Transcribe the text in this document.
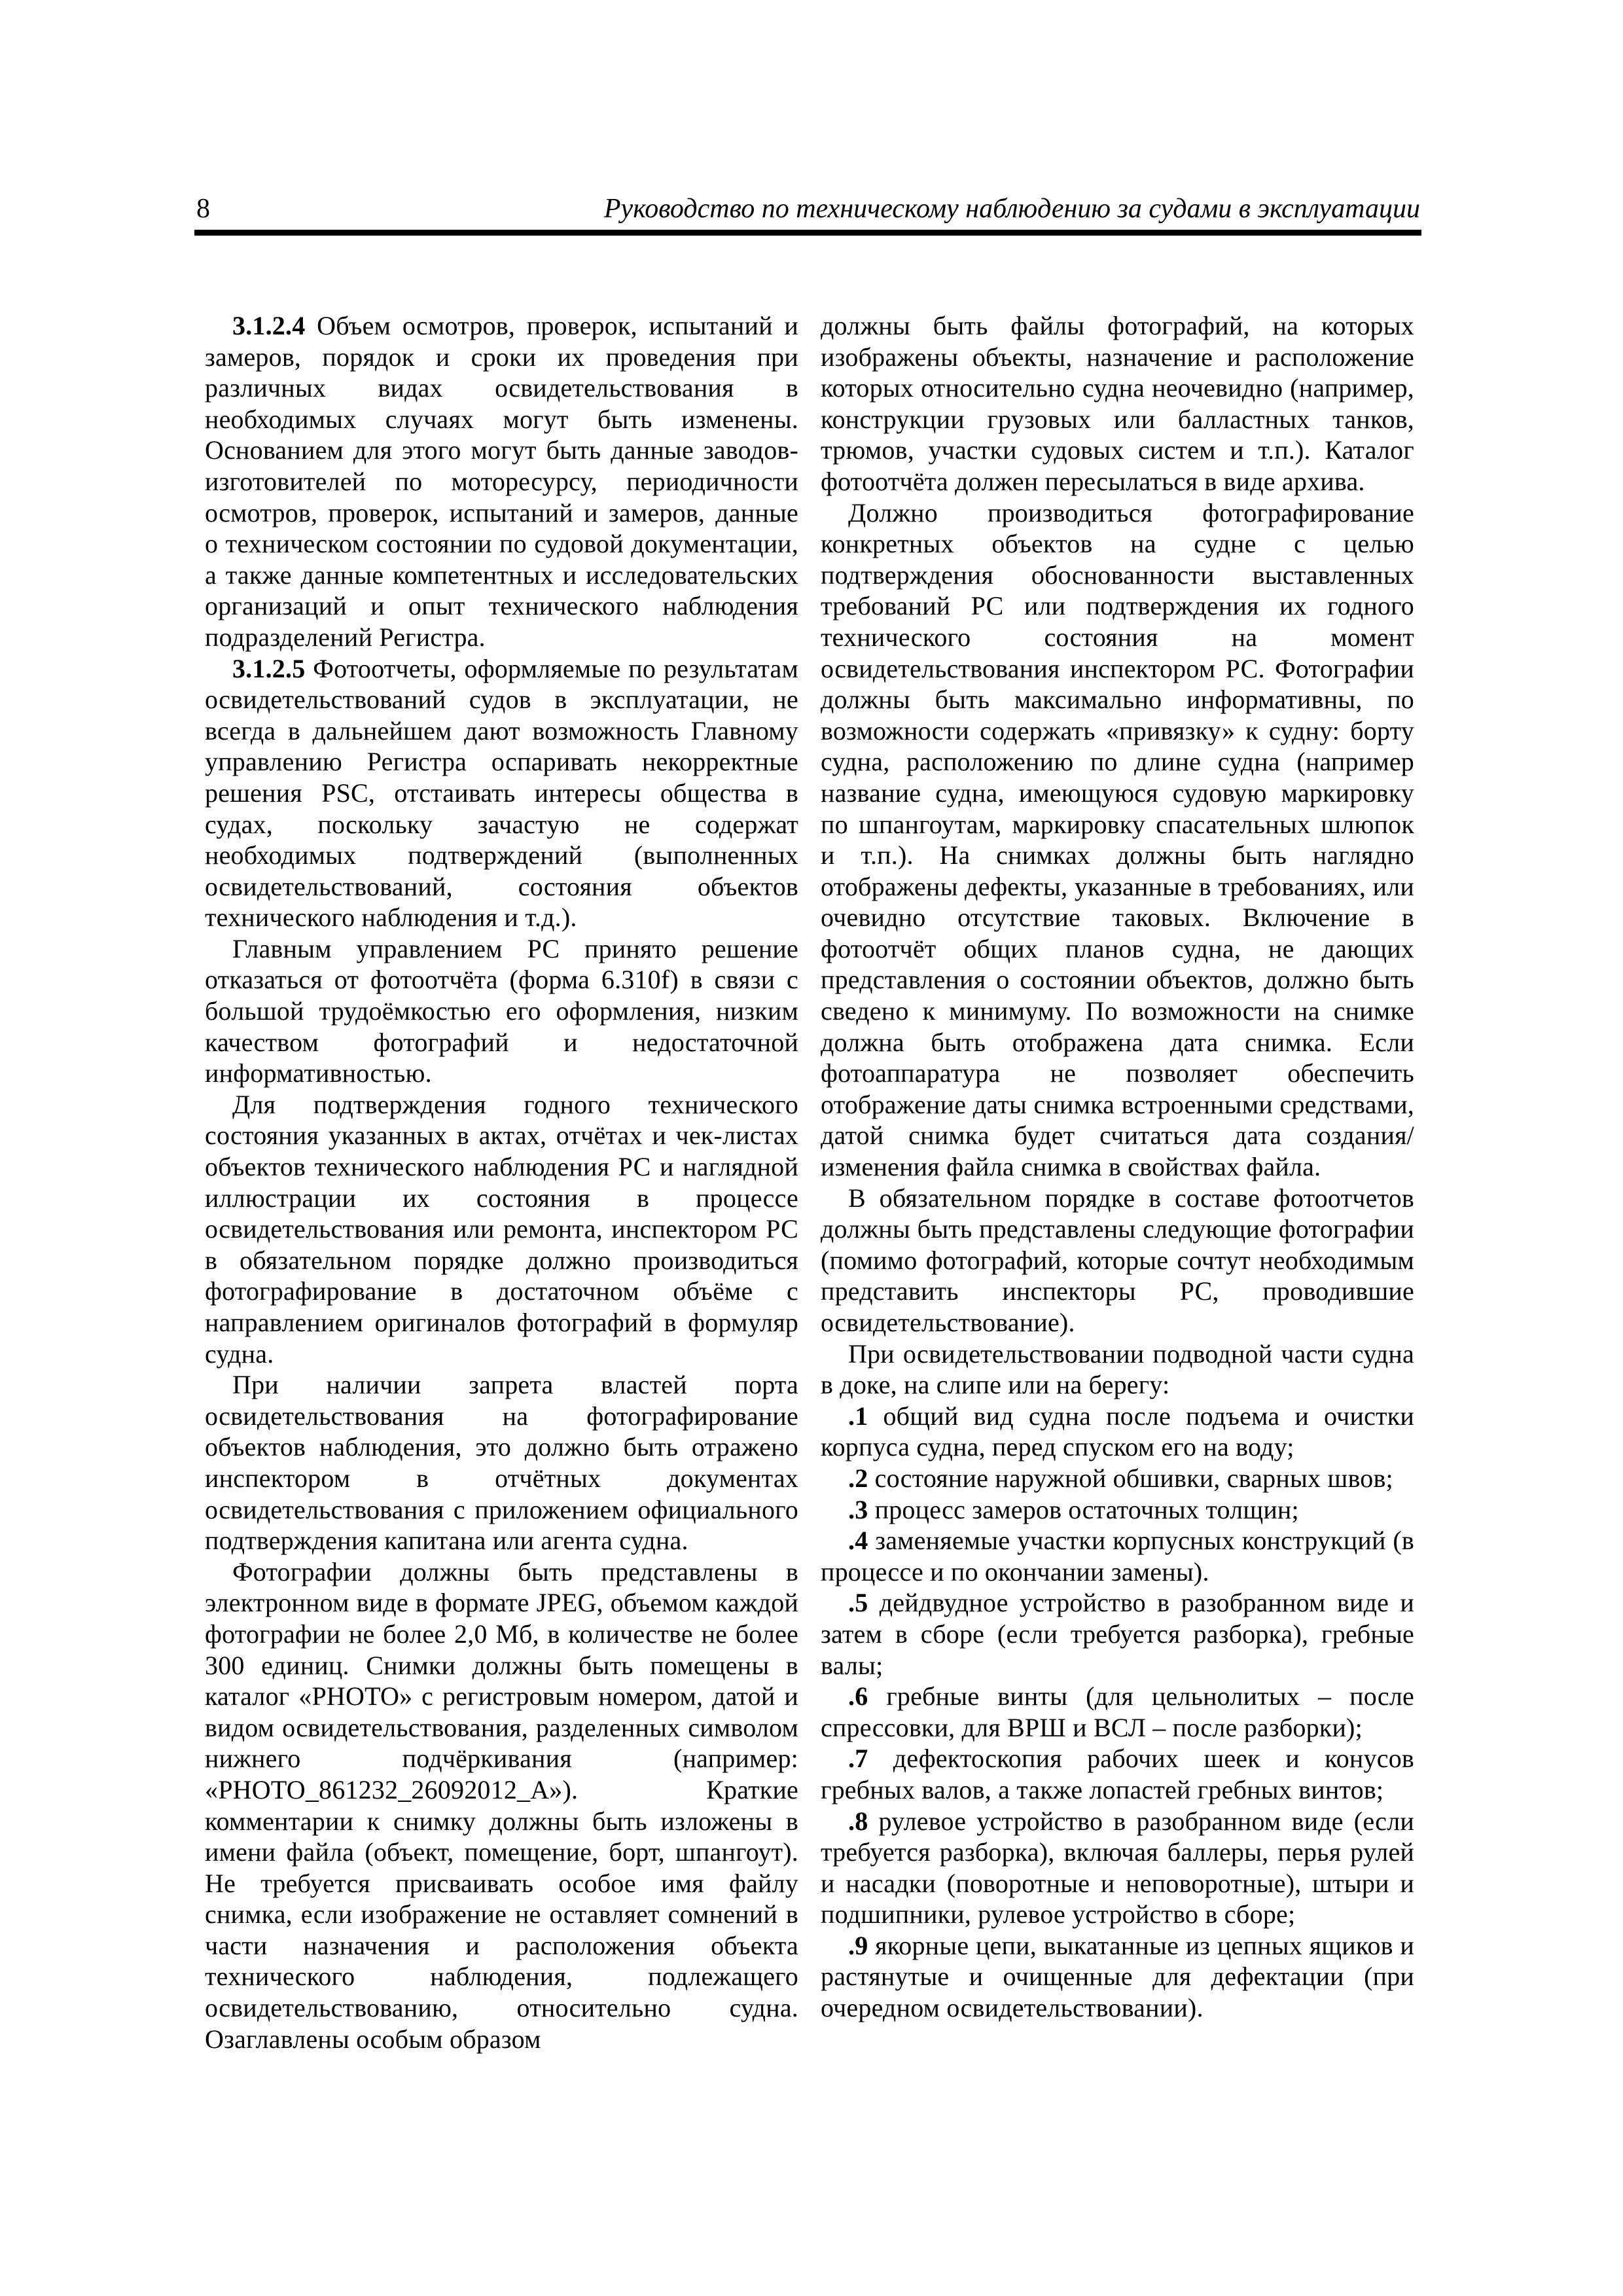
8	Руководство по техническому наблюдению за судами в эксплуатации

3.1.2.4 Объем осмотров, проверок, испытаний и замеров, порядок и сроки их проведения при различных видах освидетельствования в необходимых случаях могут быть изменены. Основанием для этого могут быть данные заводов-изготовителей по моторесурсу, периодичности осмотров, проверок, испытаний и замеров, данные о техническом состоянии по судовой документации, а также данные компетентных и исследовательских организаций и опыт технического наблюдения подразделений Регистра.

3.1.2.5 Фотоотчеты, оформляемые по результатам освидетельствований судов в эксплуатации, не всегда в дальнейшем дают возможность Главному управлению Регистра оспаривать некорректные решения PSC, отстаивать интересы общества в судах, поскольку зачастую не содержат необходимых подтверждений (выполненных освидетельствований, состояния объектов технического наблюдения и т.д.).

Главным управлением РС принято решение отказаться от фотоотчёта (форма 6.310f) в связи с большой трудоёмкостью его оформления, низким качеством фотографий и недостаточной информативностью.

Для подтверждения годного технического состояния указанных в актах, отчётах и чек-листах объектов технического наблюдения РС и наглядной иллюстрации их состояния в процессе освидетельствования или ремонта, инспектором РС в обязательном порядке должно производиться фотографирование в достаточном объёме с направлением оригиналов фотографий в формуляр судна.

При наличии запрета властей порта освидетельствования на фотографирование объектов наблюдения, это должно быть отражено инспектором в отчётных документах освидетельствования с приложением официального подтверждения капитана или агента судна.

Фотографии должны быть представлены в электронном виде в формате JPEG, объемом каждой фотографии не более 2,0 Мб, в количестве не более 300 единиц. Снимки должны быть помещены в каталог «PHOTO» с регистровым номером, датой и видом освидетельствования, разделенных символом нижнего подчёркивания (например: «PHOTO_861232_26092012_А»). Краткие комментарии к снимку должны быть изложены в имени файла (объект, помещение, борт, шпангоут). Не требуется присваивать особое имя файлу снимка, если изображение не оставляет сомнений в части назначения и расположения объекта технического наблюдения, подлежащего освидетельствованию, относительно судна. Озаглавлены особым образом

должны быть файлы фотографий, на которых изображены объекты, назначение и расположение которых относительно судна неочевидно (например, конструкции грузовых или балластных танков, трюмов, участки судовых систем и т.п.). Каталог фотоотчёта должен пересылаться в виде архива.

Должно производиться фотографирование конкретных объектов на судне с целью подтверждения обоснованности выставленных требований РС или подтверждения их годного технического состояния на момент освидетельствования инспектором РС. Фотографии должны быть максимально информативны, по возможности содержать «привязку» к судну: борту судна, расположению по длине судна (например название судна, имеющуюся судовую маркировку по шпангоутам, маркировку спасательных шлюпок и т.п.). На снимках должны быть наглядно отображены дефекты, указанные в требованиях, или очевидно отсутствие таковых. Включение в фотоотчёт общих планов судна, не дающих представления о состоянии объектов, должно быть сведено к минимуму. По возможности на снимке должна быть отображена дата снимка. Если фотоаппаратура не позволяет обеспечить отображение даты снимка встроенными средствами, датой снимка будет считаться дата создания/изменения файла снимка в свойствах файла.

В обязательном порядке в составе фотоотчетов должны быть представлены следующие фотографии (помимо фотографий, которые сочтут необходимым представить инспекторы РС, проводившие освидетельствование).

При освидетельствовании подводной части судна в доке, на слипе или на берегу:

.1 общий вид судна после подъема и очистки корпуса судна, перед спуском его на воду;

.2 состояние наружной обшивки, сварных швов;

.3 процесс замеров остаточных толщин;

.4 заменяемые участки корпусных конструкций (в процессе и по окончании замены).

.5 дейдвудное устройство в разобранном виде и затем в сборе (если требуется разборка), гребные валы;

.6 гребные винты (для цельнолитых – после спрессовки, для ВРШ и ВСЛ – после разборки);

.7 дефектоскопия рабочих шеек и конусов гребных валов, а также лопастей гребных винтов;

.8 рулевое устройство в разобранном виде (если требуется разборка), включая баллеры, перья рулей и насадки (поворотные и неповоротные), штыри и подшипники, рулевое устройство в сборе;

.9 якорные цепи, выкатанные из цепных ящиков и растянутые и очищенные для дефектации (при очередном освидетельствовании).
